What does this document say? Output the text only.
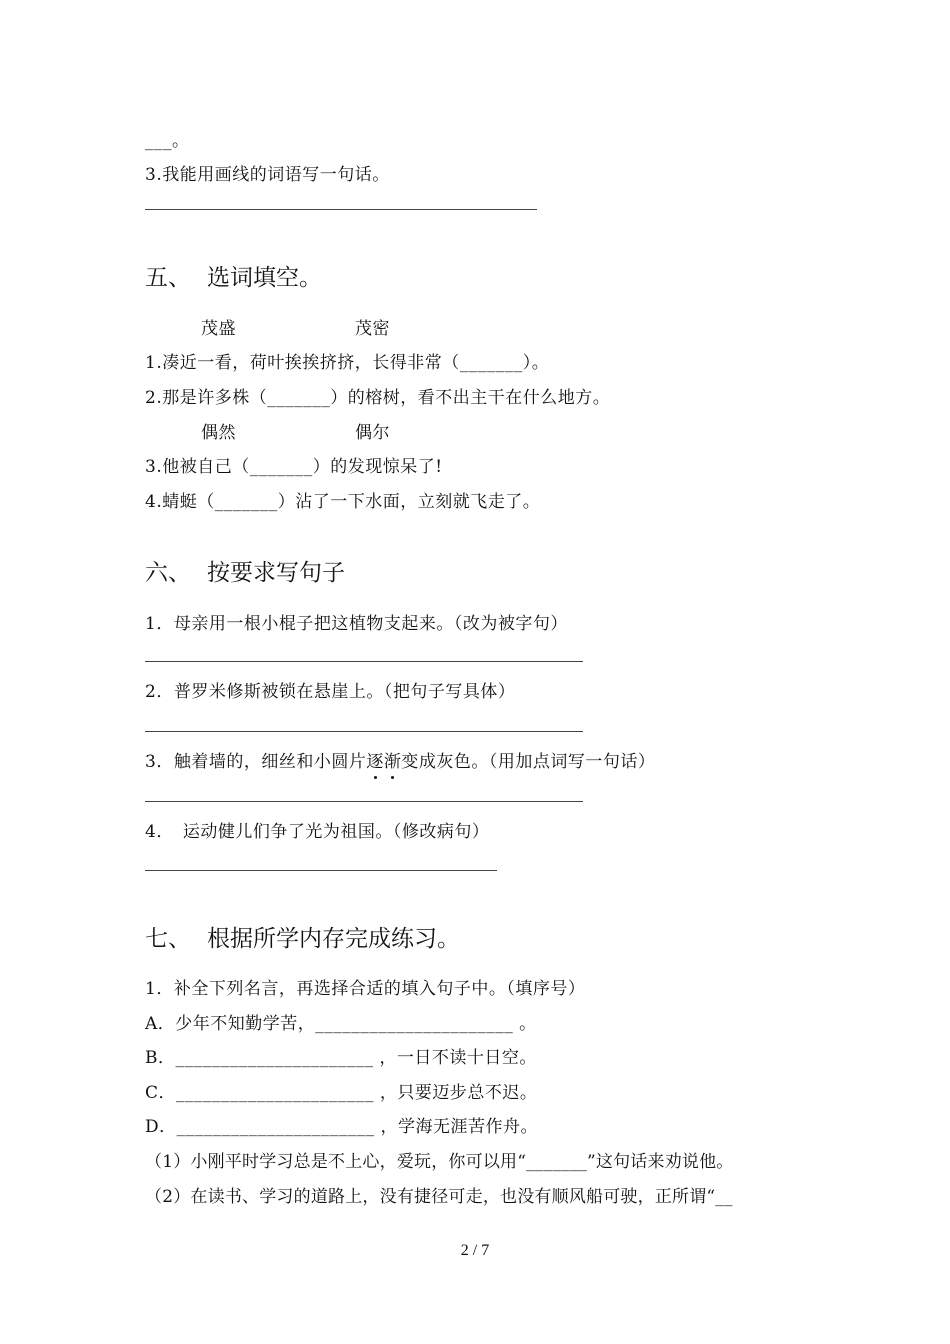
___。
3.我能用画线的词语写一句话。
五、 选词填空。
茂盛	茂密
1.凑近一看，荷叶挨挨挤挤，长得非常（_______）。
2.那是许多株（_______）的榕树，看不出主干在什么地方。
偶然	偶尔
3.他被自己（_______）的发现惊呆了!
4.蜻蜓（_______）沾了一下水面，立刻就飞走了。
六、 按要求写句子
1．母亲用一根小棍子把这植物支起来。（改为被字句）
2．普罗米修斯被锁在悬崖上。（把句子写具体）
3．触着墙的，细丝和小圆片逐渐变成灰色。（用加点词写一句话）
4．　运动健儿们争了光为祖国。（修改病句）
七、 根据所学内存完成练习。
1．补全下列名言，再选择合适的填入句子中。（填序号）
A．少年不知勤学苦，______________________ 。
B．______________________ ，一日不读十日空。
C．______________________ ，只要迈步总不迟。
D．______________________ ，学海无涯苦作舟。
（1）小刚平时学习总是不上心，爱玩，你可以用“_______”这句话来劝说他。
（2）在读书、学习的道路上，没有捷径可走，也没有顺风船可驶，正所谓“__
2 / 7
